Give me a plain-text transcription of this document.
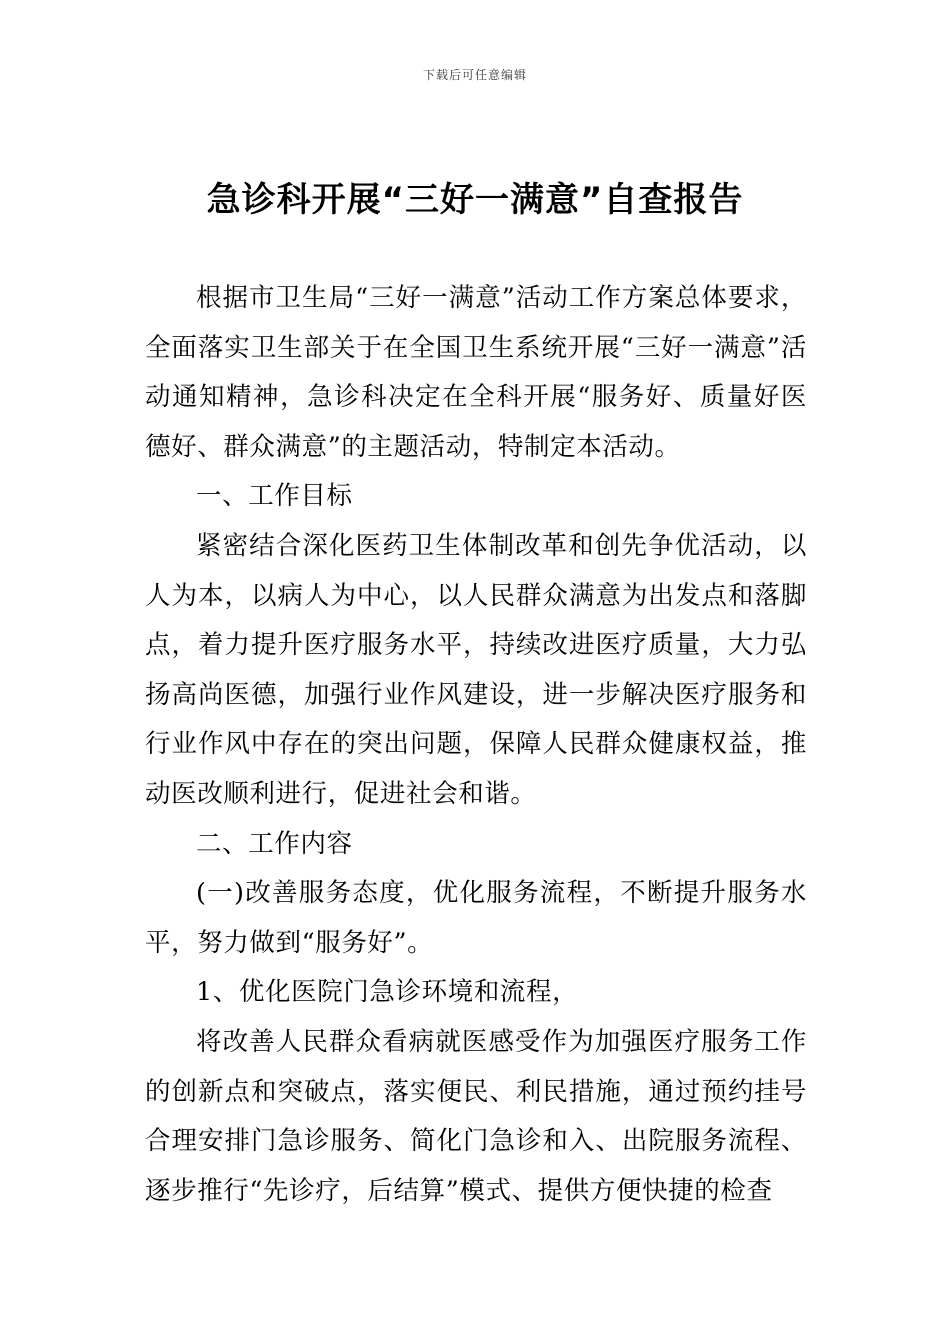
下载后可任意编辑
急诊科开展“三好一满意”自查报告

根据市卫生局“三好一满意”活动工作方案总体要求，全面落实卫生部关于在全国卫生系统开展“三好一满意”活动通知精神，急诊科决定在全科开展“服务好、质量好医德好、群众满意”的主题活动，特制定本活动。

一、工作目标

紧密结合深化医药卫生体制改革和创先争优活动，以人为本，以病人为中心，以人民群众满意为出发点和落脚点，着力提升医疗服务水平，持续改进医疗质量，大力弘扬高尚医德，加强行业作风建设，进一步解决医疗服务和行业作风中存在的突出问题，保障人民群众健康权益，推动医改顺利进行，促进社会和谐。

二、工作内容

(一)改善服务态度，优化服务流程，不断提升服务水平，努力做到“服务好”。

1、优化医院门急诊环境和流程，

将改善人民群众看病就医感受作为加强医疗服务工作的创新点和突破点，落实便民、利民措施，通过预约挂号合理安排门急诊服务、简化门急诊和入、出院服务流程、逐步推行“先诊疗，后结算”模式、提供方便快捷的检查
